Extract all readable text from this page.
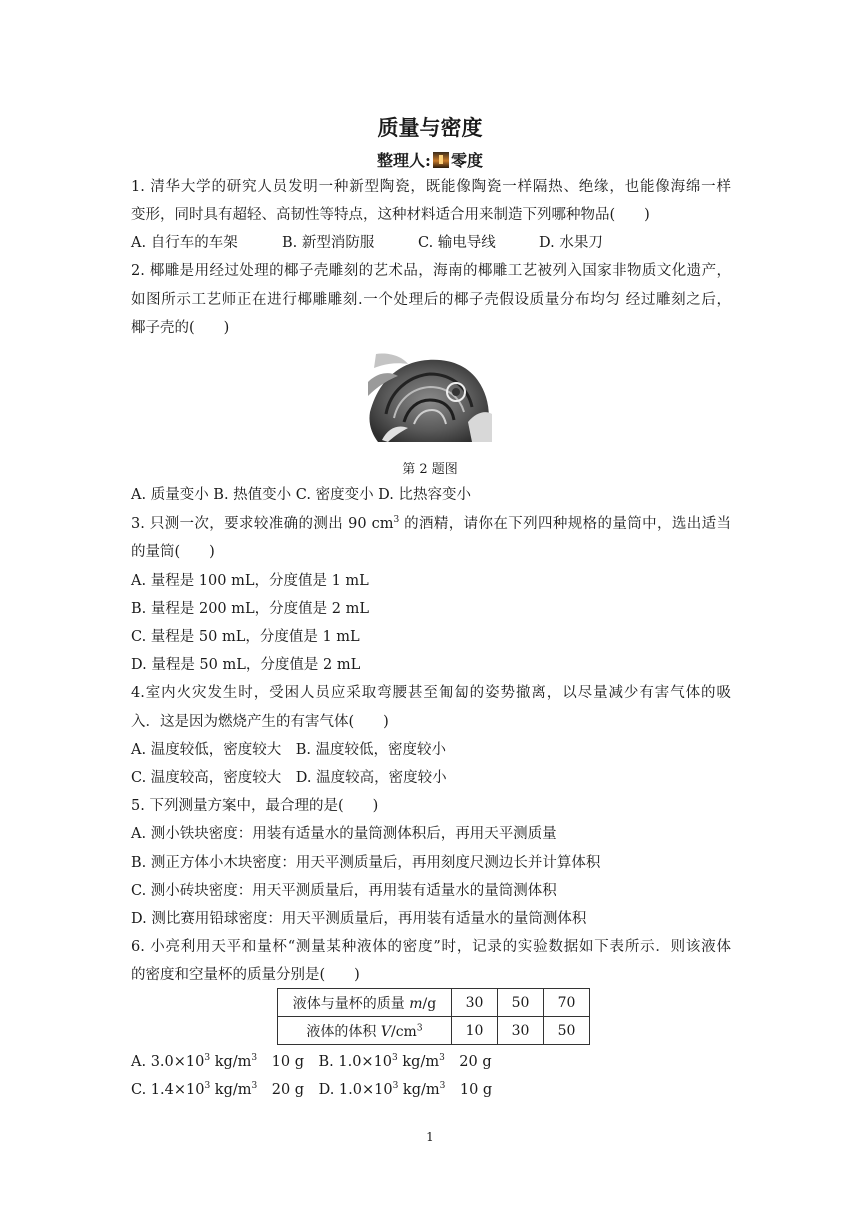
质量与密度
整理人: 零度
1. 清华大学的研究人员发明一种新型陶瓷，既能像陶瓷一样隔热、绝缘，也能像海绵一样
变形，同时具有超轻、高韧性等特点，这种材料适合用来制造下列哪种物品(　　)
A. 自行车的车架	B. 新型消防服	C. 输电导线	D. 水果刀
2. 椰雕是用经过处理的椰子壳雕刻的艺术品，海南的椰雕工艺被列入国家非物质文化遗产，
如图所示工艺师正在进行椰雕雕刻.一个处理后的椰子壳假设质量分布均匀 经过雕刻之后，
椰子壳的(　　)
第 2 题图
A. 质量变小 B. 热值变小 C. 密度变小 D. 比热容变小
3. 只测一次，要求较准确的测出 90 $cm^3$ 的酒精，请你在下列四种规格的量筒中，选出适当
的量筒(　　)
A. 量程是 100 mL，分度值是 1 mL
B. 量程是 200 mL，分度值是 2 mL
C. 量程是 50 mL，分度值是 1 mL
D. 量程是 50 mL，分度值是 2 mL
4.室内火灾发生时，受困人员应采取弯腰甚至匍匐的姿势撤离，以尽量减少有害气体的吸
入．这是因为燃烧产生的有害气体(　　)
A. 温度较低，密度较大　B. 温度较低，密度较小
C. 温度较高，密度较大　D. 温度较高，密度较小
5. 下列测量方案中，最合理的是(　　)
A. 测小铁块密度：用装有适量水的量筒测体积后，再用天平测质量
B. 测正方体小木块密度：用天平测质量后，再用刻度尺测边长并计算体积
C. 测小砖块密度：用天平测质量后，再用装有适量水的量筒测体积
D. 测比赛用铅球密度：用天平测质量后，再用装有适量水的量筒测体积
6. 小亮利用天平和量杯“测量某种液体的密度”时，记录的实验数据如下表所示．则该液体
的密度和空量杯的质量分别是(　　)
液体与量杯的质量 m/g	30	50	70
液体的体积 $V/cm^3$	10	30	50
A. $3.0\times 10^3$ $kg/m^3$　10 g　B. $1.0\times 10^3$ $kg/m^3$　20 g
C. $1.4\times 10^3$ $kg/m^3$　20 g　D. $1.0\times 10^3$ $kg/m^3$　10 g
1
